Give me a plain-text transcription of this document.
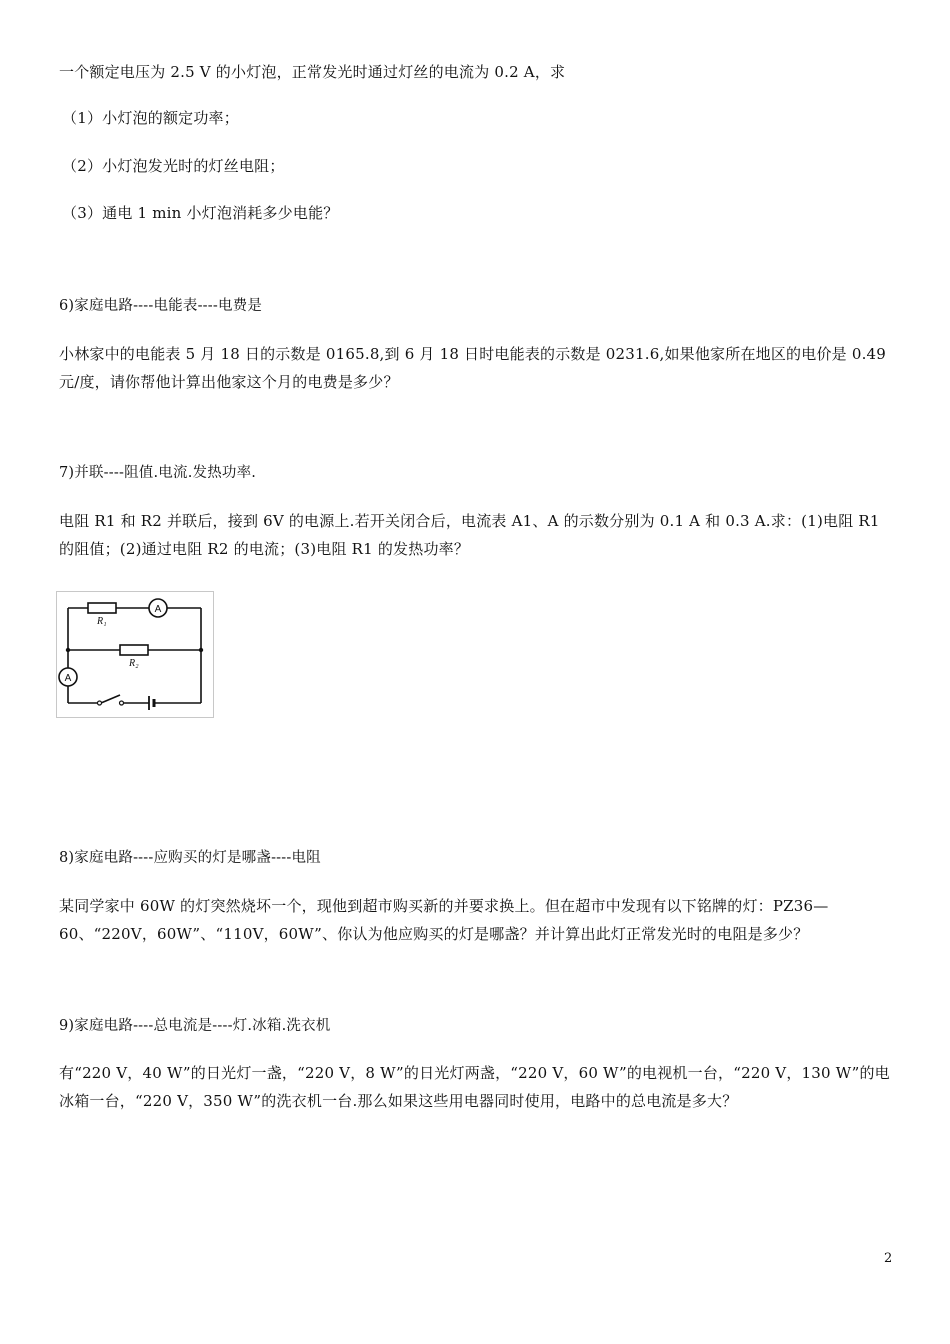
一个额定电压为 2.5 V 的小灯泡，正常发光时通过灯丝的电流为 0.2 A，求
（1）小灯泡的额定功率；
（2）小灯泡发光时的灯丝电阻；
（3）通电 1 min 小灯泡消耗多少电能？
6)家庭电路----电能表----电费是
小林家中的电能表 5 月 18 日的示数是 0165.8,到 6 月 18 日时电能表的示数是 0231.6,如果他家所在地区的电价是 0.49 元/度，请你帮他计算出他家这个月的电费是多少？
7)并联----阻值.电流.发热功率.
电阻 R1 和 R2 并联后，接到 6V 的电源上.若开关闭合后，电流表 A1、A 的示数分别为 0.1 A 和 0.3 A.求：(1)电阻 R1 的阻值；(2)通过电阻 R2 的电流；(3)电阻 R1 的发热功率？
A
A
R₁
R₂
8)家庭电路----应购买的灯是哪盏----电阻
某同学家中 60W 的灯突然烧坏一个，现他到超市购买新的并要求换上。但在超市中发现有以下铭牌的灯：PZ36—60、“220V，60W”、“110V，60W”、你认为他应购买的灯是哪盏？并计算出此灯正常发光时的电阻是多少？
9)家庭电路----总电流是----灯.冰箱.洗衣机
有“220 V，40 W”的日光灯一盏，“220 V，8 W”的日光灯两盏，“220 V，60 W”的电视机一台，“220 V，130 W”的电冰箱一台，“220 V，350 W”的洗衣机一台.那么如果这些用电器同时使用，电路中的总电流是多大？
2
